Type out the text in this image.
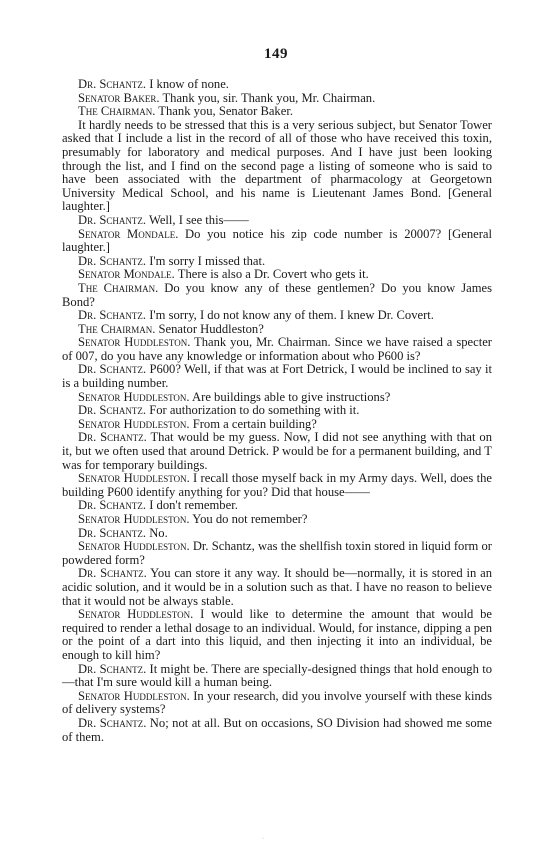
149

Dr. Schantz. I know of none.

Senator Baker. Thank you, sir. Thank you, Mr. Chairman.

The Chairman. Thank you, Senator Baker.

It hardly needs to be stressed that this is a very serious subject, but Senator Tower asked that I include a list in the record of all of those who have received this toxin, presumably for laboratory and medical purposes. And I have just been looking through the list, and I find on the second page a listing of someone who is said to have been associated with the department of pharmacology at Georgetown University Medical School, and his name is Lieutenant James Bond. [General laughter.]

Dr. Schantz. Well, I see this——

Senator Mondale. Do you notice his zip code number is 20007? [General laughter.]

Dr. Schantz. I'm sorry I missed that.

Senator Mondale. There is also a Dr. Covert who gets it.

The Chairman. Do you know any of these gentlemen? Do you know James Bond?

Dr. Schantz. I'm sorry, I do not know any of them. I knew Dr. Covert.

The Chairman. Senator Huddleston?

Senator Huddleston. Thank you, Mr. Chairman. Since we have raised a specter of 007, do you have any knowledge or information about who P600 is?

Dr. Schantz. P600? Well, if that was at Fort Detrick, I would be inclined to say it is a building number.

Senator Huddleston. Are buildings able to give instructions?

Dr. Schantz. For authorization to do something with it.

Senator Huddleston. From a certain building?

Dr. Schantz. That would be my guess. Now, I did not see anything with that on it, but we often used that around Detrick. P would be for a permanent building, and T was for temporary buildings.

Senator Huddleston. I recall those myself back in my Army days. Well, does the building P600 identify anything for you? Did that house——

Dr. Schantz. I don't remember.

Senator Huddleston. You do not remember?

Dr. Schantz. No.

Senator Huddleston. Dr. Schantz, was the shellfish toxin stored in liquid form or powdered form?

Dr. Schantz. You can store it any way. It should be—normally, it is stored in an acidic solution, and it would be in a solution such as that. I have no reason to believe that it would not be always stable.

Senator Huddleston. I would like to determine the amount that would be required to render a lethal dosage to an individual. Would, for instance, dipping a pen or the point of a dart into this liquid, and then injecting it into an individual, be enough to kill him?

Dr. Schantz. It might be. There are specially-designed things that hold enough to—that I'm sure would kill a human being.

Senator Huddleston. In your research, did you involve yourself with these kinds of delivery systems?

Dr. Schantz. No; not at all. But on occasions, SO Division had showed me some of them.

·
